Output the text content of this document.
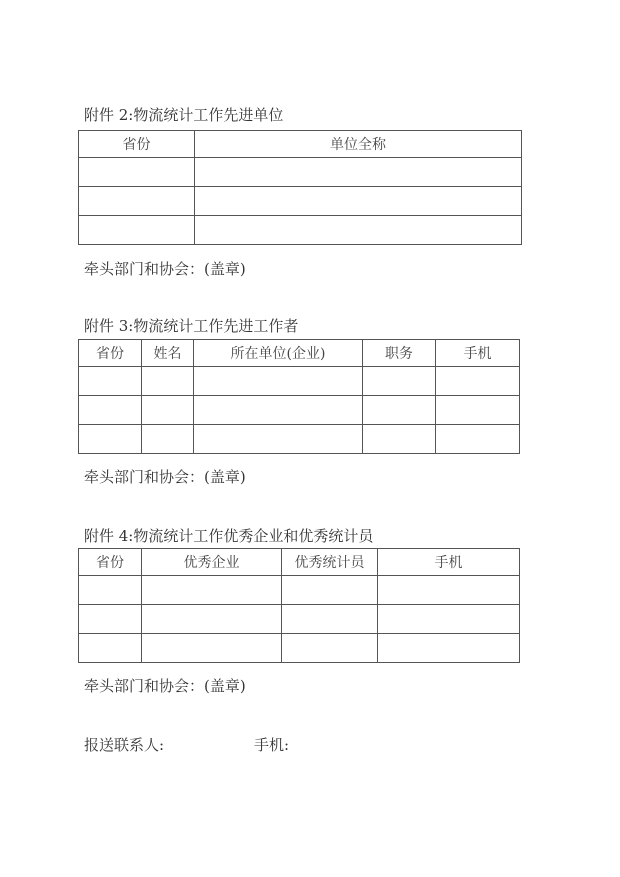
附件 2:物流统计工作先进单位
省份	单位全称

牵头部门和协会：(盖章)
附件 3:物流统计工作先进工作者
省份	姓名	所在单位(企业)	职务	手机

牵头部门和协会：(盖章)
附件 4:物流统计工作优秀企业和优秀统计员
省份	优秀企业	优秀统计员	手机

牵头部门和协会：(盖章)
报送联系人:	手机:
